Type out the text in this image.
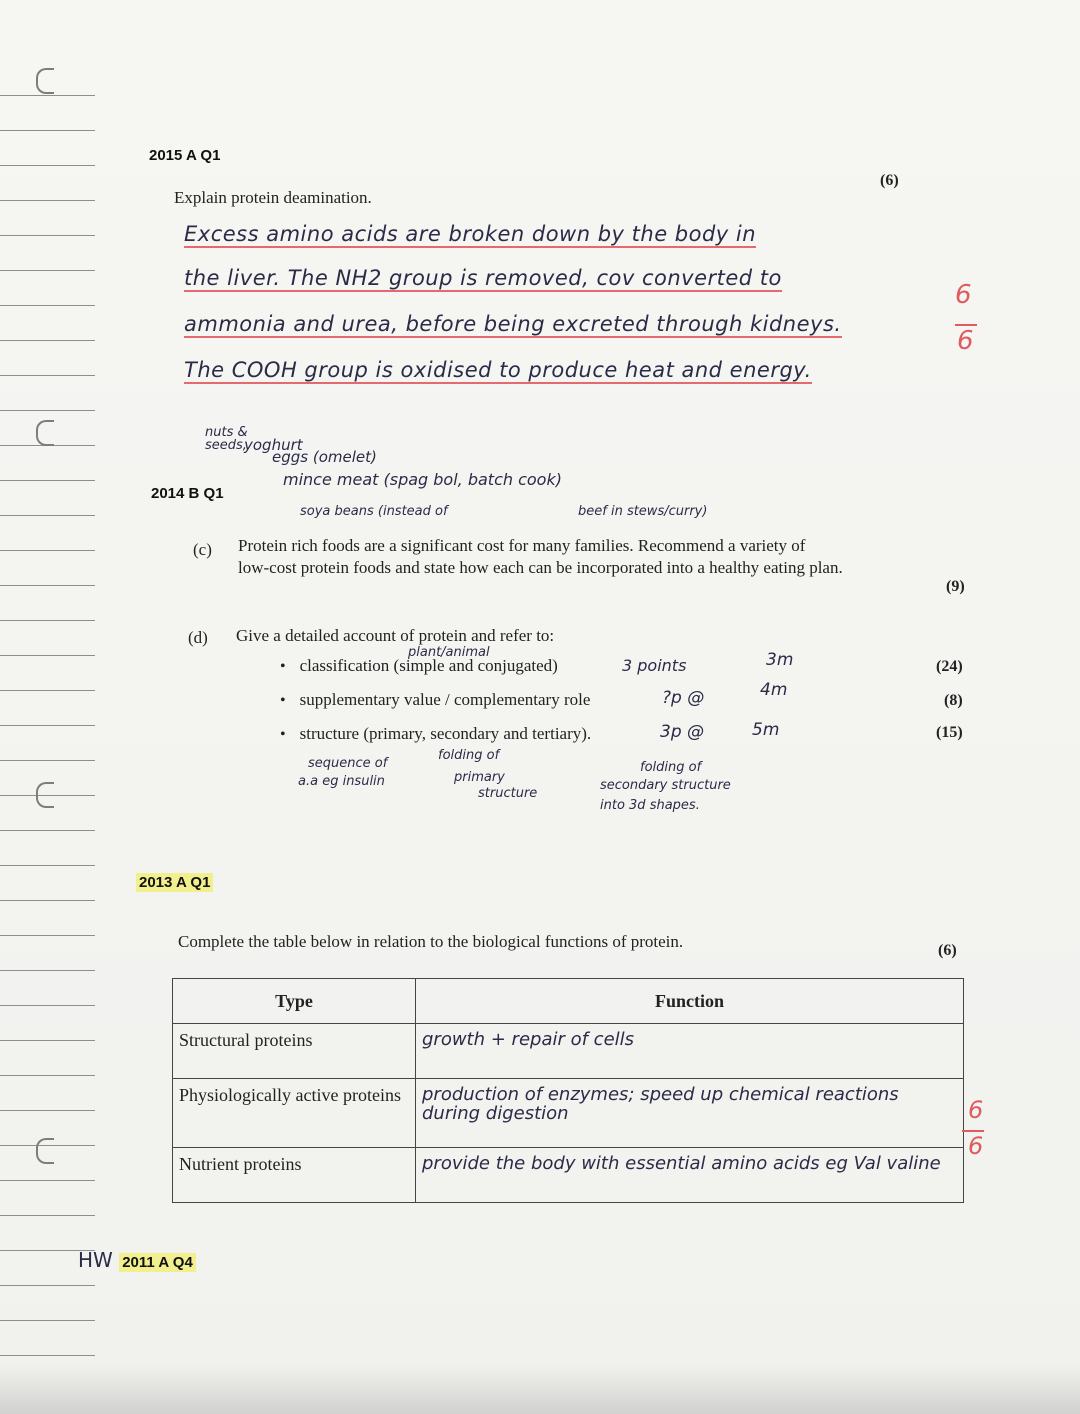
2015 A Q1
Explain protein deamination.
(6)
Excess amino acids are broken down by the body in
the liver. The NH2 group is removed, cov converted to
ammonia and urea, before being excreted through kidneys.
The COOH group is oxidised to produce heat and energy.
6
6
2014 B Q1
nuts &
seeds,
yoghurt
eggs (omelet)
mince meat (spag bol, batch cook)
soya beans (instead of	beef in stews/curry)
(c) Protein rich foods are a significant cost for many families. Recommend a variety of
low-cost protein foods and state how each can be incorporated into a healthy eating plan.
(9)
(d) Give a detailed account of protein and refer to:
plant/animal
• classification (simple and conjugated)
• supplementary value / complementary role
• structure (primary, secondary and tertiary).
3 points
?p @
3p @
3m
4m
5m
(24)
(8)
(15)
sequence of
a.a eg insulin
folding of
primary
structure
folding of
secondary structure
into 3d shapes.
2013 A Q1
Complete the table below in relation to the biological functions of protein.	(6)
Type	Function
Structural proteins	growth + repair of cells
Physiologically active proteins	production of enzymes; speed up chemical reactions during digestion
Nutrient proteins	provide the body with essential amino acids eg Val valine
6
6
HW 2011 A Q4
